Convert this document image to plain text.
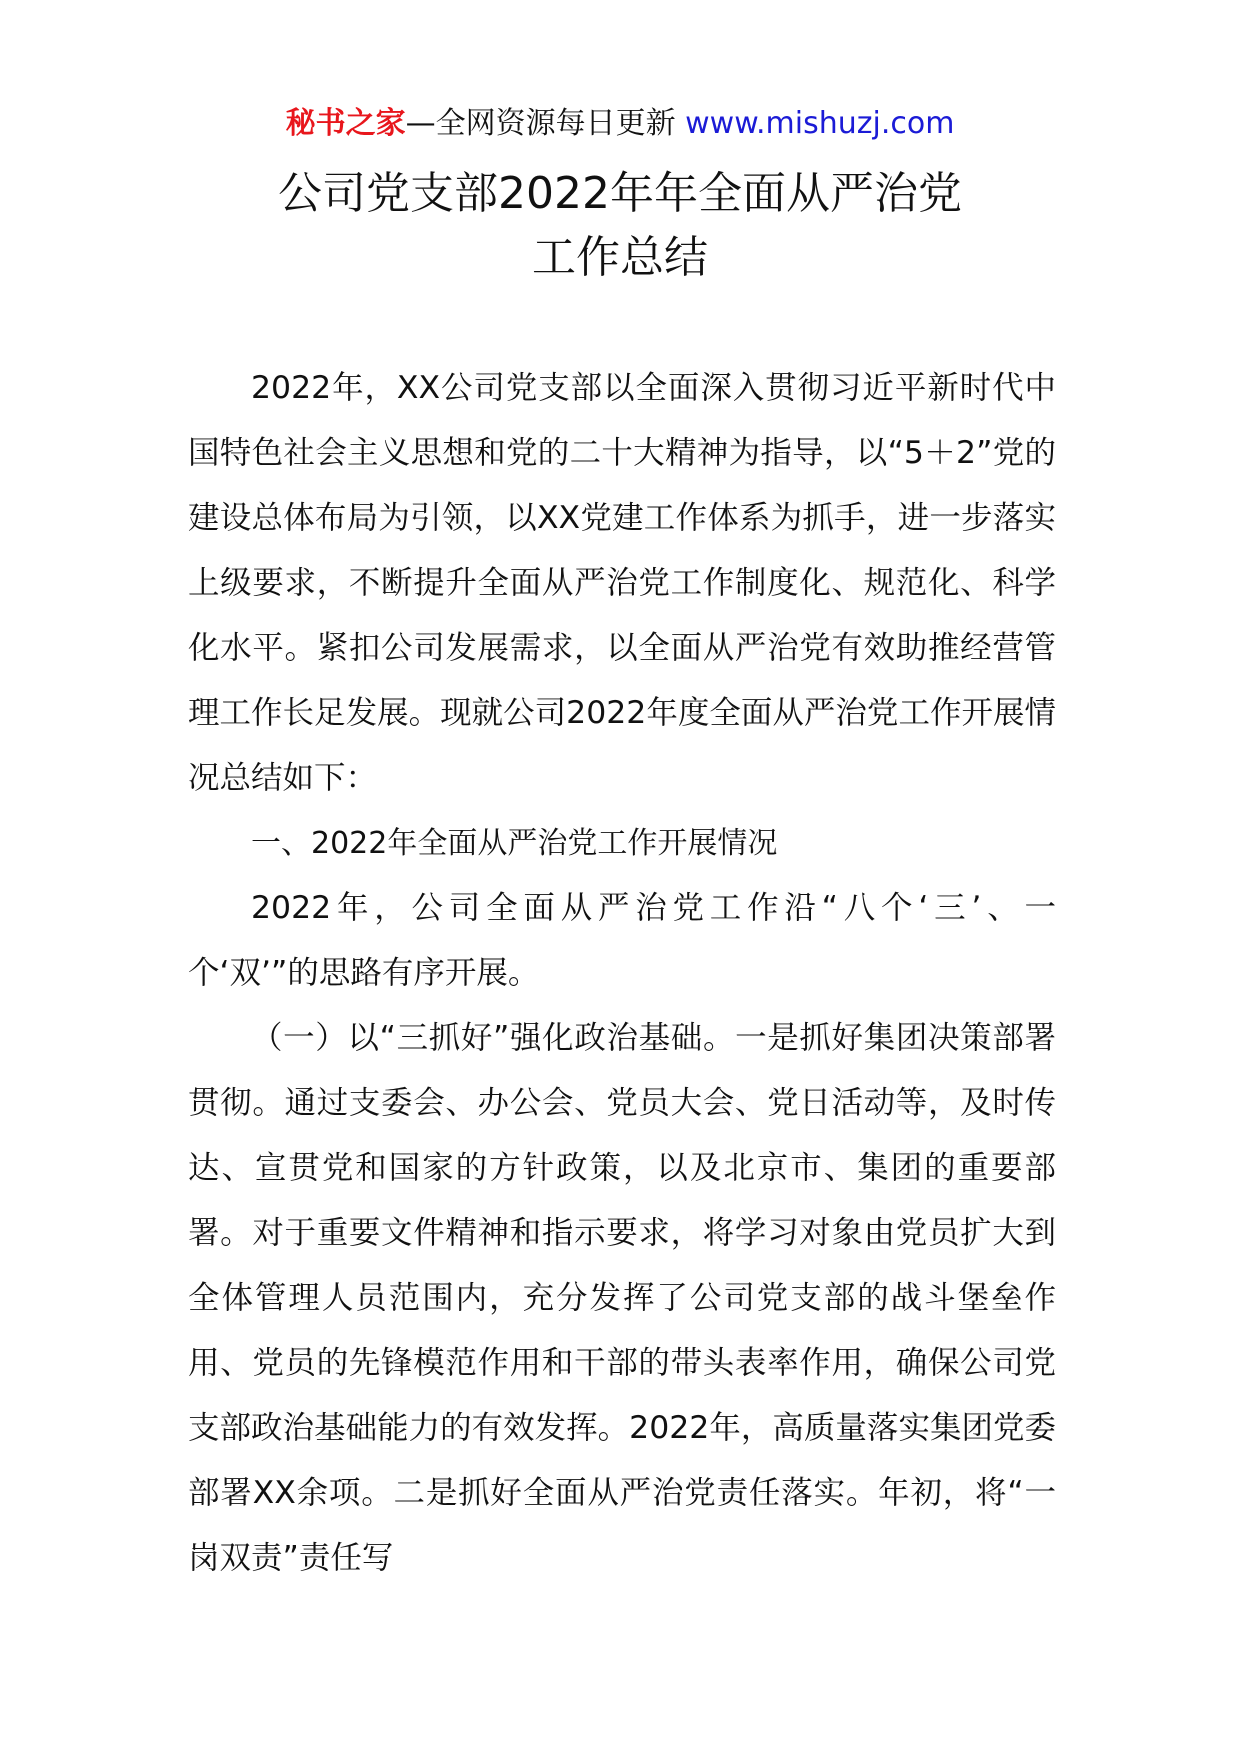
秘书之家—全网资源每日更新 www.mishuzj.com
公司党支部2022年年全面从严治党
工作总结

2022年，XX公司党支部以全面深入贯彻习近平新时代中国特色社会主义思想和党的二十大精神为指导，以“5＋2”党的建设总体布局为引领，以XX党建工作体系为抓手，进一步落实上级要求，不断提升全面从严治党工作制度化、规范化、科学化水平。紧扣公司发展需求，以全面从严治党有效助推经营管理工作长足发展。现就公司2022年度全面从严治党工作开展情况总结如下：

一、2022年全面从严治党工作开展情况

2022年，公司全面从严治党工作沿“八个‘三’、一个‘双’”的思路有序开展。

（一）以“三抓好”强化政治基础。一是抓好集团决策部署贯彻。通过支委会、办公会、党员大会、党日活动等，及时传达、宣贯党和国家的方针政策，以及北京市、集团的重要部署。对于重要文件精神和指示要求，将学习对象由党员扩大到全体管理人员范围内，充分发挥了公司党支部的战斗堡垒作用、党员的先锋模范作用和干部的带头表率作用，确保公司党支部政治基础能力的有效发挥。2022年，高质量落实集团党委部署XX余项。二是抓好全面从严治党责任落实。年初，将“一岗双责”责任写
